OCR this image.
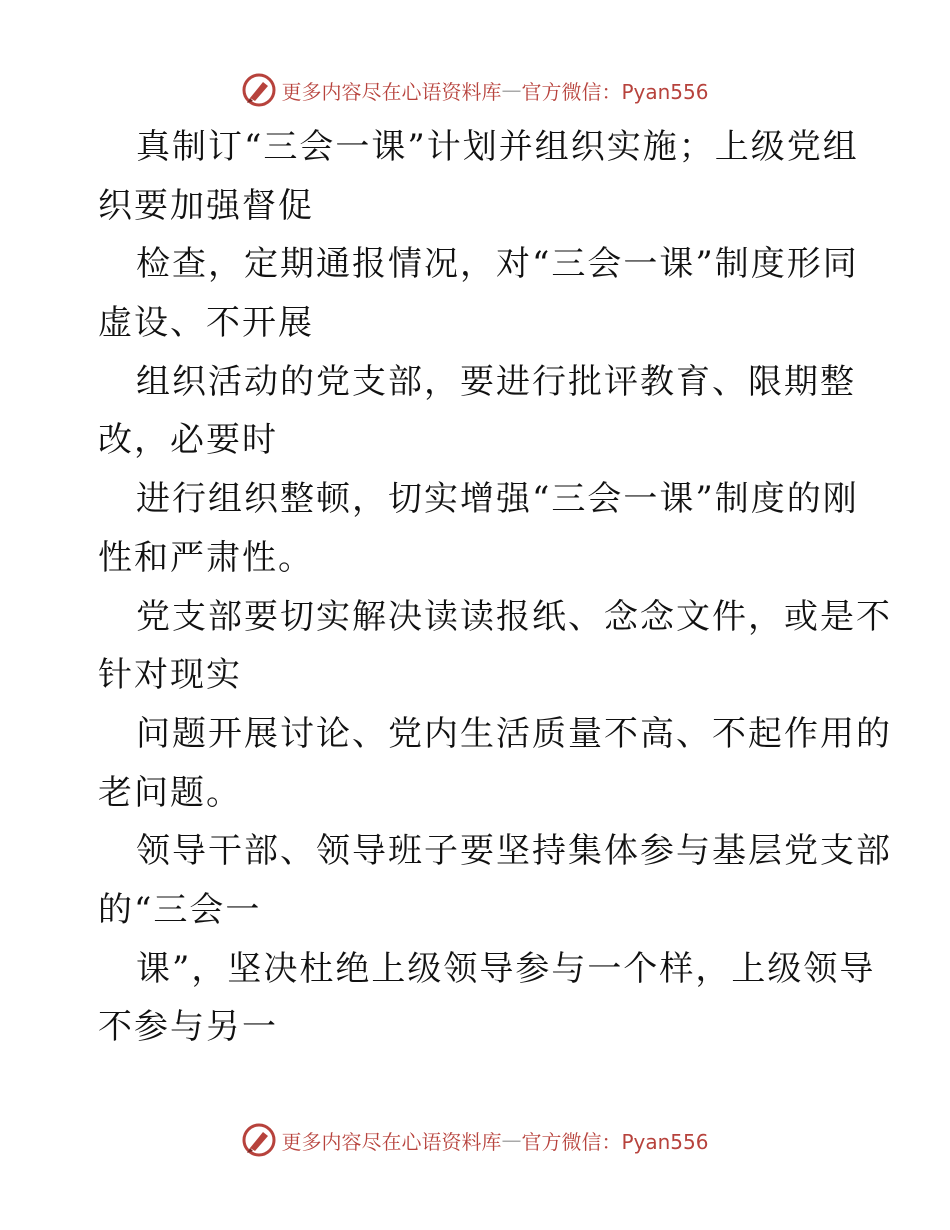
更多内容尽在心语资料库 — 官方微信：Pyan556
真制订“三会一课”计划并组织实施；上级党组
织要加强督促
检查，定期通报情况，对“三会一课”制度形同
虚设、不开展
组织活动的党支部，要进行批评教育、限期整
改，必要时
进行组织整顿，切实增强“三会一课”制度的刚
性和严肃性。
党支部要切实解决读读报纸、念念文件，或是不
针对现实
问题开展讨论、党内生活质量不高、不起作用的
老问题。
领导干部、领导班子要坚持集体参与基层党支部
的“三会一
课”，坚决杜绝上级领导参与一个样，上级领导
不参与另一
更多内容尽在心语资料库 — 官方微信：Pyan556
